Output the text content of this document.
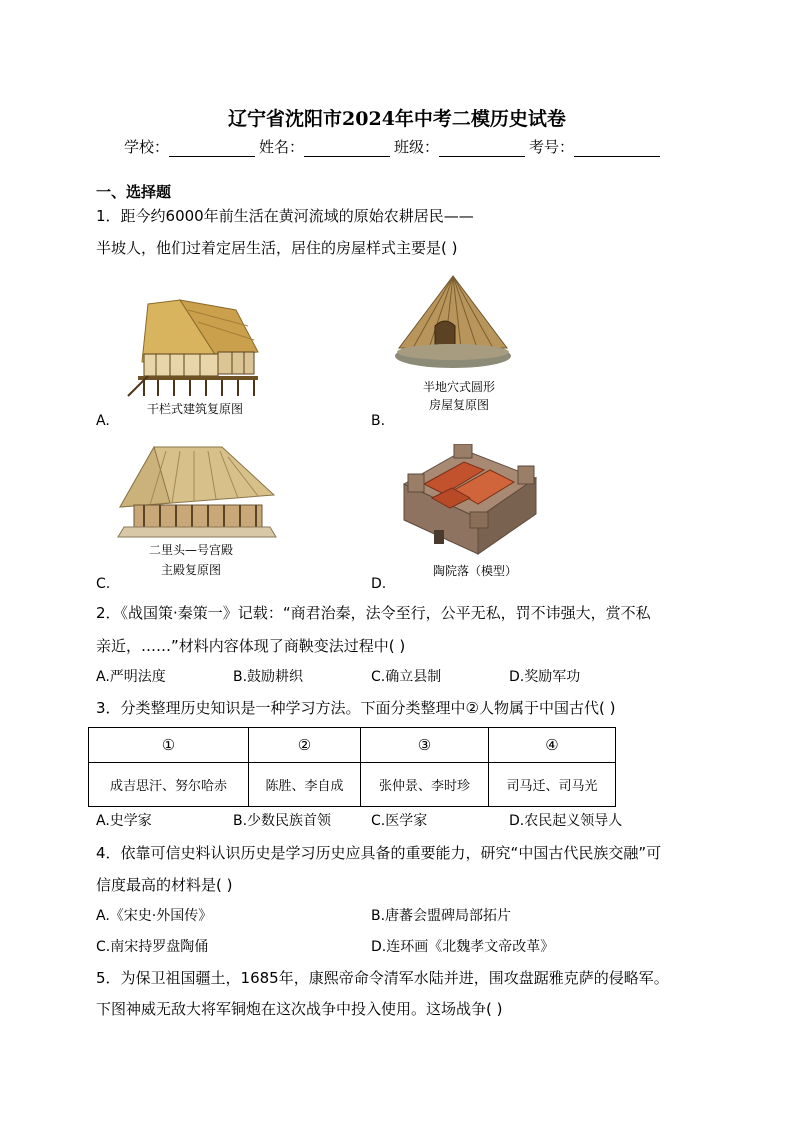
辽宁省沈阳市2024年中考二模历史试卷
学校：	姓名：	班级：	考号：
一、选择题
1．距今约6000年前生活在黄河流域的原始农耕居民——
半坡人，他们过着定居生活，居住的房屋样式主要是( )
干栏式建筑复原图
A.
半地穴式圆形
房屋复原图
B.
二里头—号宫殿
主殿复原图
C.
陶院落（模型）
D.
2．《战国策·秦策一》记载：“商君治秦，法令至行，公平无私，罚不讳强大，赏不私
亲近，……”材料内容体现了商鞅变法过程中( )
A.严明法度	B.鼓励耕织	C.确立县制	D.奖励军功
3．分类整理历史知识是一种学习方法。下面分类整理中②人物属于中国古代( )
①	②	③	④
成吉思汗、努尔哈赤	陈胜、李自成	张仲景、李时珍	司马迁、司马光
A.史学家	B.少数民族首领	C.医学家	D.农民起义领导人
4．依靠可信史料认识历史是学习历史应具备的重要能力，研究“中国古代民族交融”可
信度最高的材料是( )
A.《宋史·外国传》	B.唐蕃会盟碑局部拓片
C.南宋持罗盘陶俑	D.连环画《北魏孝文帝改革》
5．为保卫祖国疆土，1685年，康熙帝命令清军水陆并进，围攻盘踞雅克萨的侵略军。
下图神威无敌大将军铜炮在这次战争中投入使用。这场战争( )
